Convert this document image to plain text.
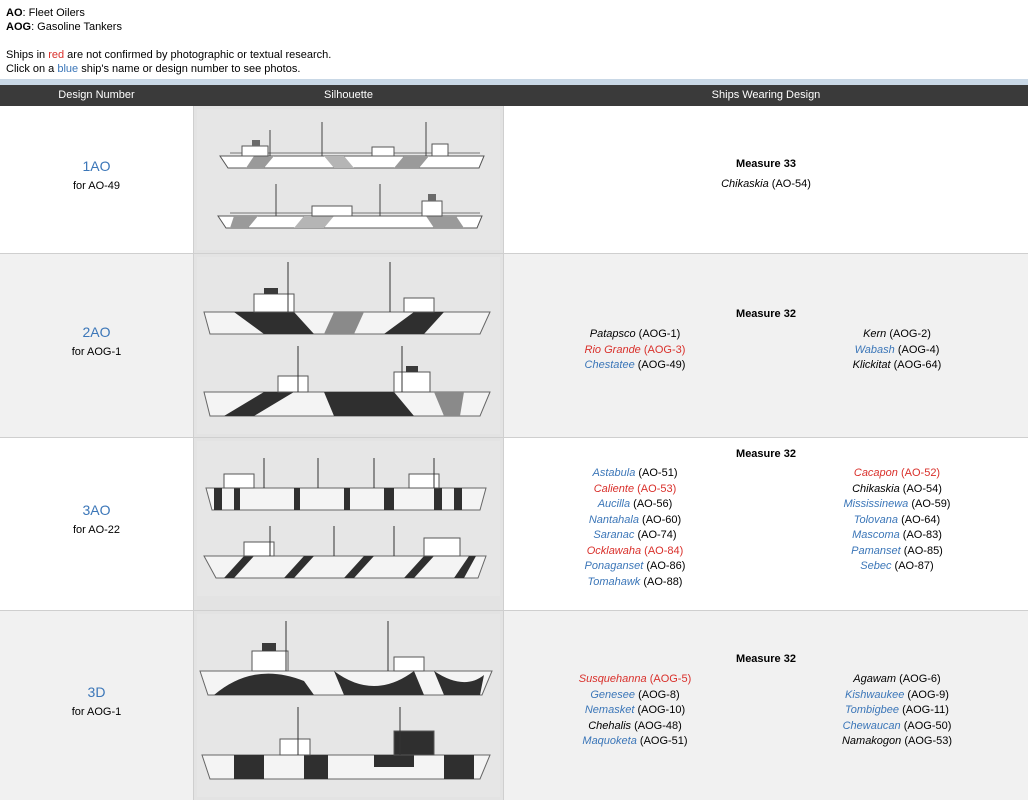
AO: Fleet Oilers
AOG: Gasoline Tankers
Ships in red are not confirmed by photographic or textual research.
Click on a blue ship's name or design number to see photos.
Design Number	Silhouette	Ships Wearing Design
1AO
for AO-49
Measure 33
Chikaskia (AO-54)
2AO
for AOG-1
Measure 32
Patapsco (AOG-1)
Rio Grande (AOG-3)
Chestatee (AOG-49)
Kern (AOG-2)
Wabash (AOG-4)
Klickitat (AOG-64)
3AO
for AO-22
Measure 32
Astabula (AO-51)
Caliente (AO-53)
Aucilla (AO-56)
Nantahala (AO-60)
Saranac (AO-74)
Ocklawaha (AO-84)
Ponaganset (AO-86)
Tomahawk (AO-88)
Cacapon (AO-52)
Chikaskia (AO-54)
Mississinewa (AO-59)
Tolovana (AO-64)
Mascoma (AO-83)
Pamanset (AO-85)
Sebec (AO-87)
3D
for AOG-1
Measure 32
Susquehanna (AOG-5)
Genesee (AOG-8)
Nemasket (AOG-10)
Chehalis (AOG-48)
Maquoketa (AOG-51)
Agawam (AOG-6)
Kishwaukee (AOG-9)
Tombigbee (AOG-11)
Chewaucan (AOG-50)
Namakogon (AOG-53)
